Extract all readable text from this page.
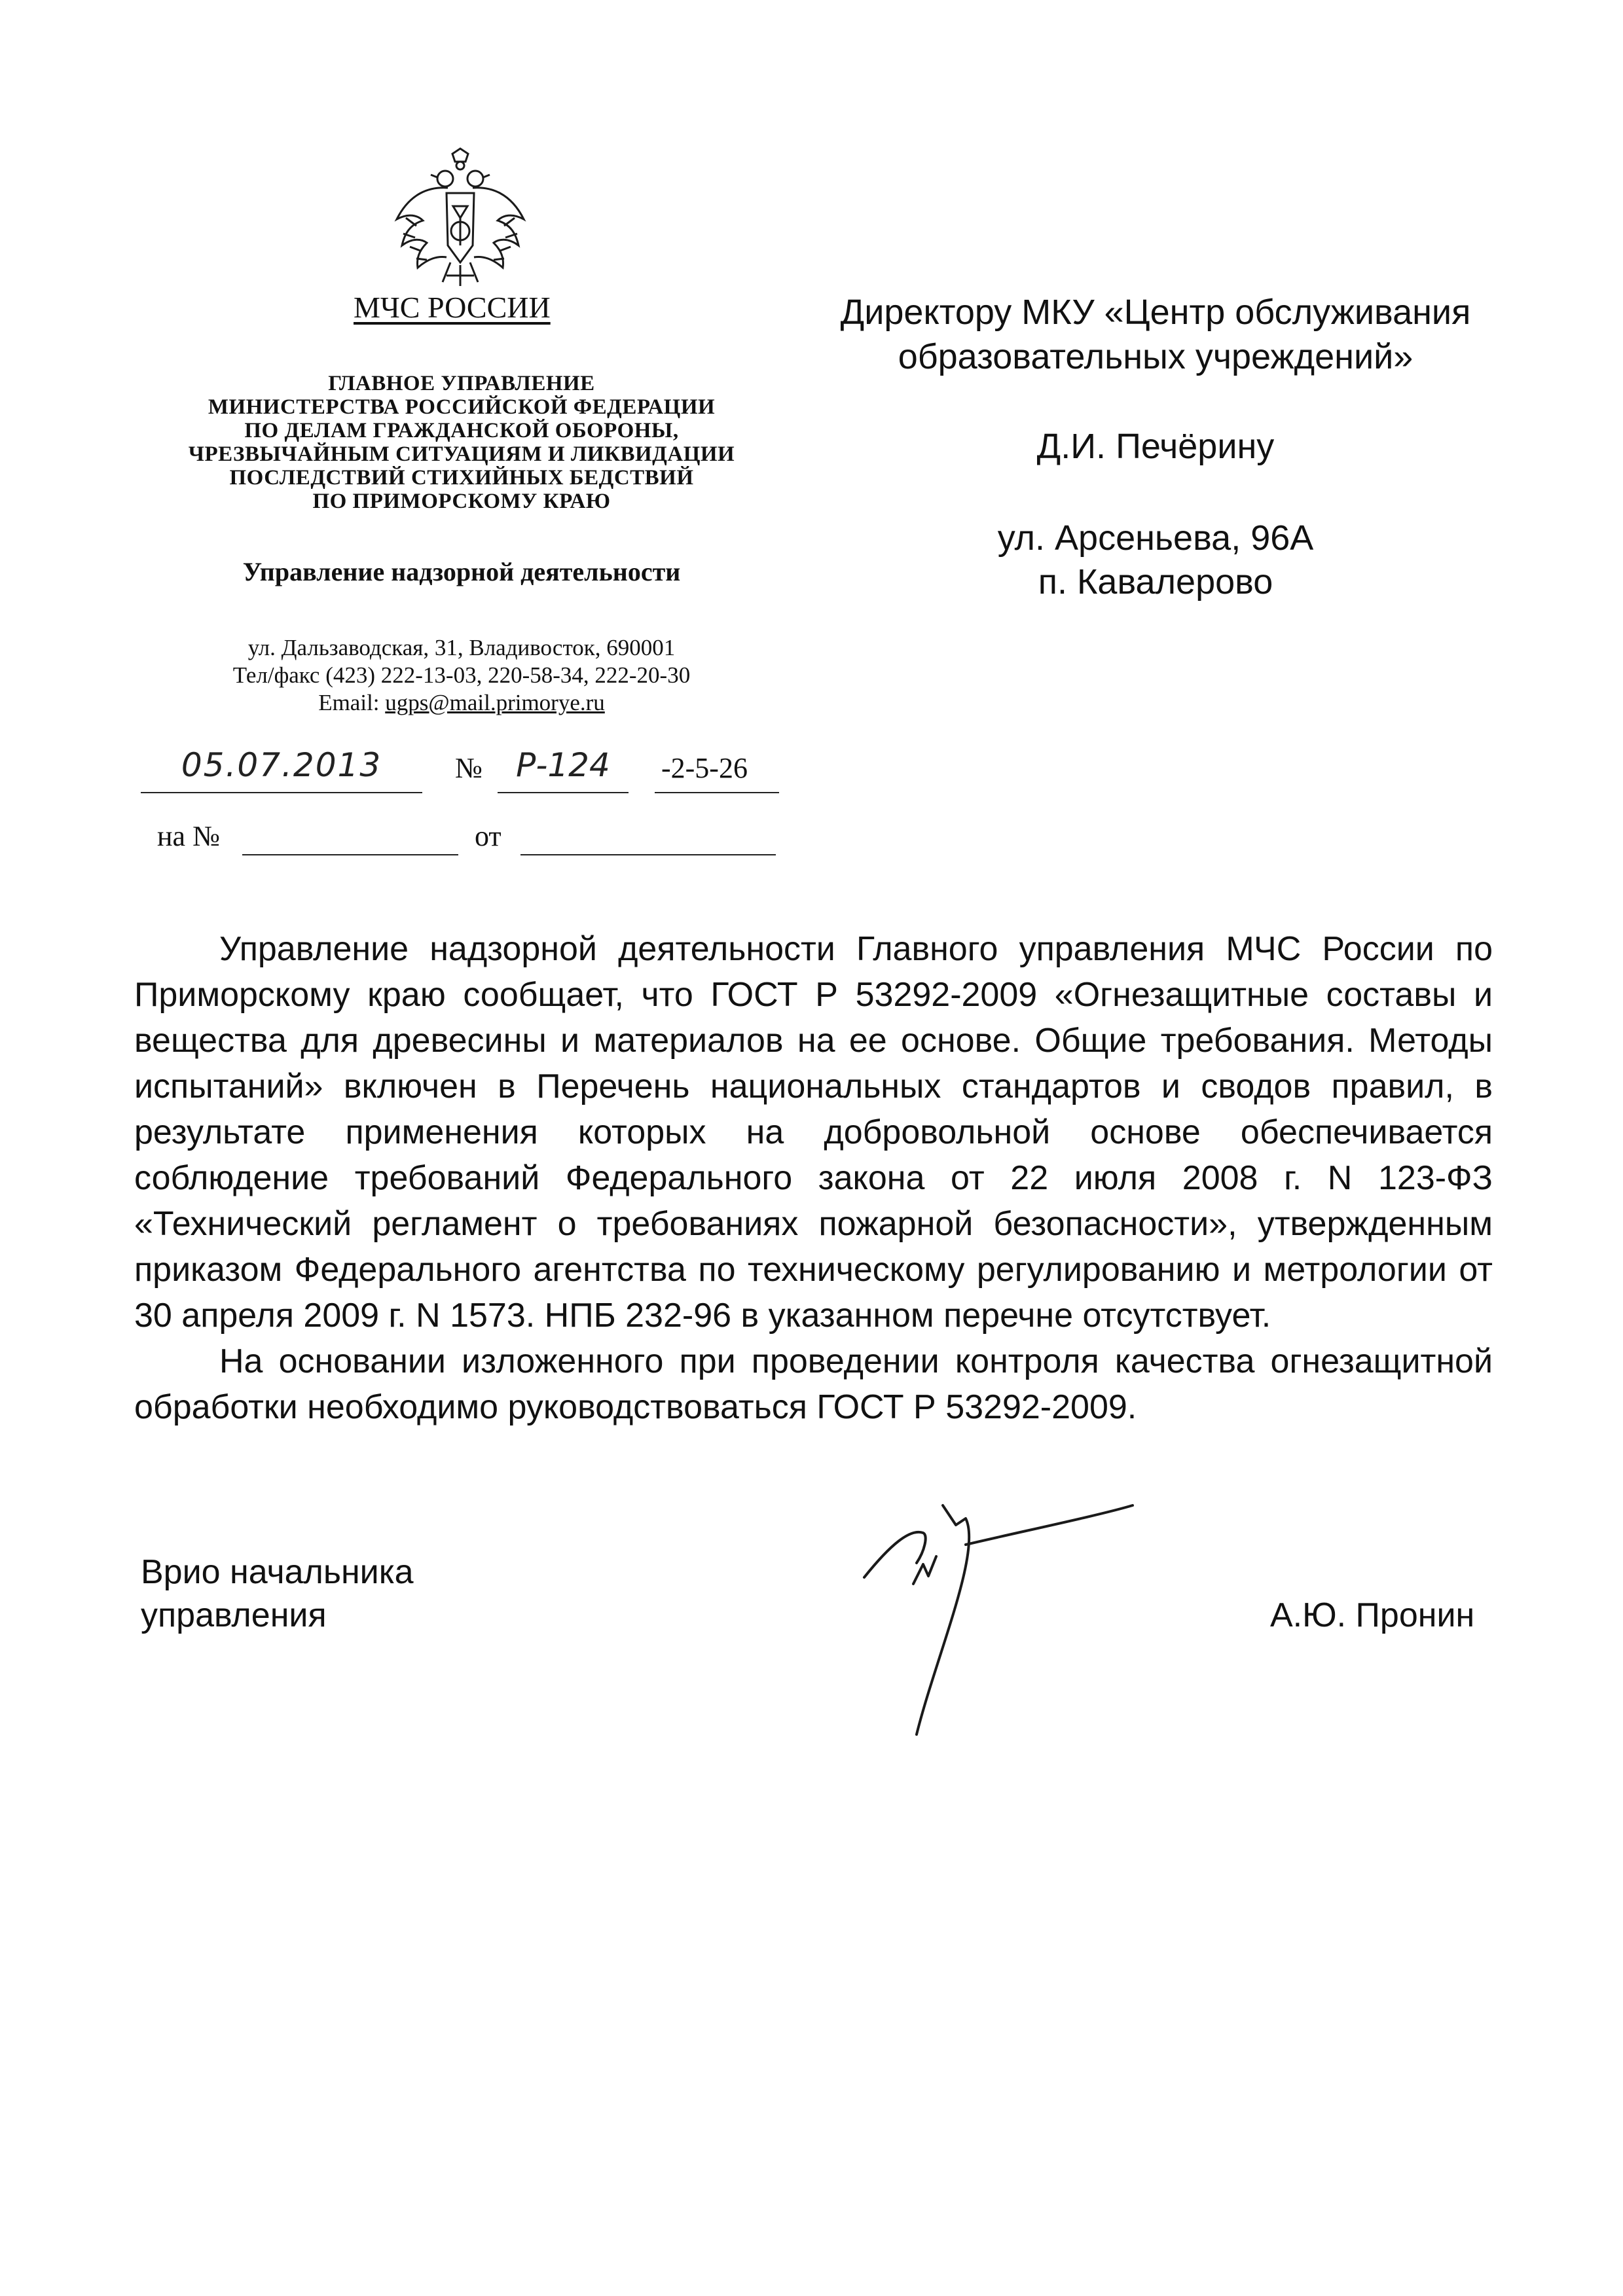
МЧС РОССИИ
ГЛАВНОЕ УПРАВЛЕНИЕ
МИНИСТЕРСТВА РОССИЙСКОЙ ФЕДЕРАЦИИ
ПО ДЕЛАМ ГРАЖДАНСКОЙ ОБОРОНЫ,
ЧРЕЗВЫЧАЙНЫМ СИТУАЦИЯМ И ЛИКВИДАЦИИ
ПОСЛЕДСТВИЙ СТИХИЙНЫХ БЕДСТВИЙ
ПО ПРИМОРСКОМУ КРАЮ
Управление надзорной деятельности
ул. Дальзаводская, 31, Владивосток, 690001
Тел/факс (423) 222-13-03, 220-58-34, 222-20-30
Email: ugps@mail.primorye.ru
05.07.2013	№	Р-124	-2-5-26
на №	от
Директору МКУ «Центр обслуживания
образовательных учреждений»
Д.И. Печёрину
ул. Арсеньева, 96А
п. Кавалерово

Управление надзорной деятельности Главного управления МЧС России по Приморскому краю сообщает, что ГОСТ Р 53292-2009 «Огнезащитные составы и вещества для древесины и материалов на ее основе. Общие требования. Методы испытаний» включен в Перечень национальных стандартов и сводов правил, в результате применения которых на добровольной основе обеспечивается соблюдение требований Федерального закона от 22 июля 2008 г. N 123-ФЗ «Технический регламент о требованиях пожарной безопасности», утвержденным приказом Федерального агентства по техническому регулированию и метрологии от 30 апреля 2009 г. N 1573. НПБ 232-96 в указанном перечне отсутствует.

На основании изложенного при проведении контроля качества огнезащитной обработки необходимо руководствоваться ГОСТ Р 53292-2009.

Врио начальника
управления	А.Ю. Пронин
